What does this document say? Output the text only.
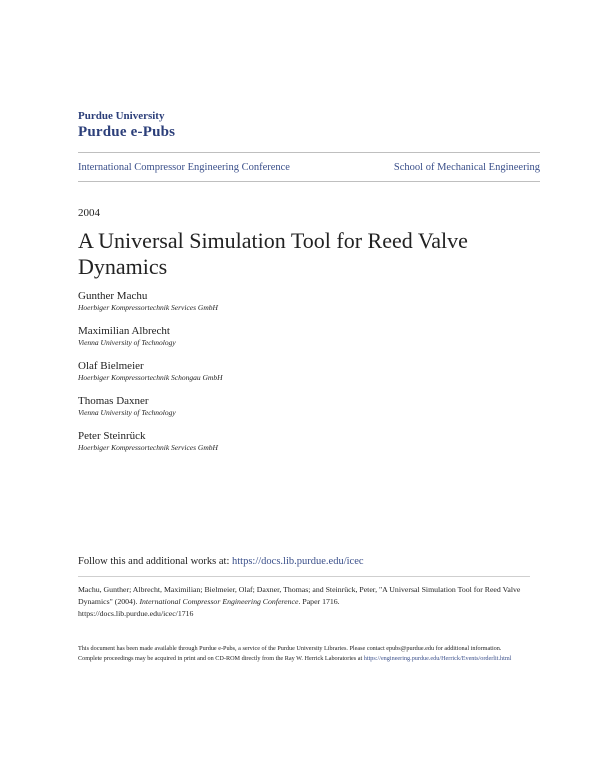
Purdue University
Purdue e-Pubs
International Compressor Engineering Conference	School of Mechanical Engineering
2004
A Universal Simulation Tool for Reed Valve Dynamics
Gunther Machu
Hoerbiger Kompressortechnik Services GmbH
Maximilian Albrecht
Vienna University of Technology
Olaf Bielmeier
Hoerbiger Kompressortechnik Schongau GmbH
Thomas Daxner
Vienna University of Technology
Peter Steinrück
Hoerbiger Kompressortechnik Services GmbH
Follow this and additional works at: https://docs.lib.purdue.edu/icec
Machu, Gunther; Albrecht, Maximilian; Bielmeier, Olaf; Daxner, Thomas; and Steinrück, Peter, "A Universal Simulation Tool for Reed Valve Dynamics" (2004). International Compressor Engineering Conference. Paper 1716.
https://docs.lib.purdue.edu/icec/1716

This document has been made available through Purdue e-Pubs, a service of the Purdue University Libraries. Please contact epubs@purdue.edu for additional information.

Complete proceedings may be acquired in print and on CD-ROM directly from the Ray W. Herrick Laboratories at https://engineering.purdue.edu/Herrick/Events/orderlit.html
